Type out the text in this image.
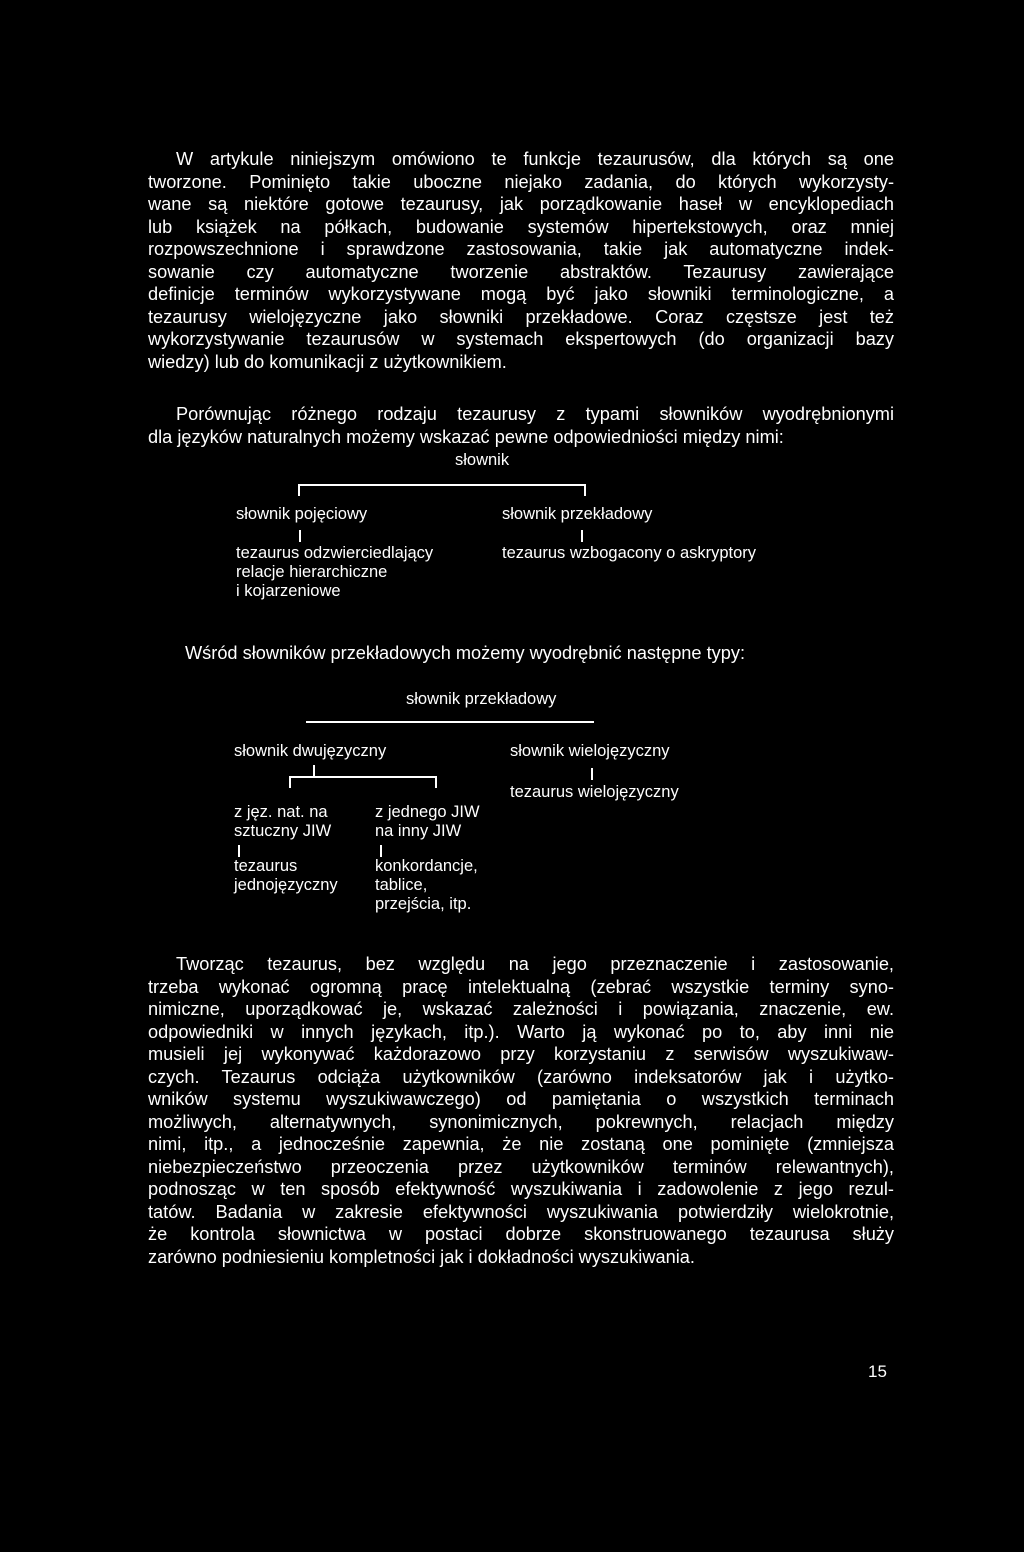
W artykule niniejszym omówiono te funkcje tezaurusów, dla których są one
tworzone. Pominięto takie uboczne niejako zadania, do których wykorzysty-
wane są niektóre gotowe tezaurusy, jak porządkowanie haseł w encyklopediach
lub książek na półkach, budowanie systemów hipertekstowych, oraz mniej
rozpowszechnione i sprawdzone zastosowania, takie jak automatyczne indek-
sowanie czy automatyczne tworzenie abstraktów. Tezaurusy zawierające
definicje terminów wykorzystywane mogą być jako słowniki terminologiczne, a
tezaurusy wielojęzyczne jako słowniki przekładowe. Coraz częstsze jest też
wykorzystywanie tezaurusów w systemach ekspertowych (do organizacji bazy
wiedzy) lub do komunikacji z użytkownikiem.
Porównując różnego rodzaju tezaurusy z typami słowników wyodrębnionymi
dla języków naturalnych możemy wskazać pewne odpowiedniości między nimi:
słownik
słownik pojęciowy	słownik przekładowy
tezaurus odzwierciedlający
relacje hierarchiczne
i kojarzeniowe
tezaurus wzbogacony o askryptory
Wśród słowników przekładowych możemy wyodrębnić następne typy:
słownik przekładowy
słownik dwujęzyczny	słownik wielojęzyczny
tezaurus wielojęzyczny
z jęz. nat. na
sztuczny JIW
z jednego JIW
na inny JIW
tezaurus
jednojęzyczny
konkordancje,
tablice,
przejścia, itp.
Tworząc tezaurus, bez względu na jego przeznaczenie i zastosowanie,
trzeba wykonać ogromną pracę intelektualną (zebrać wszystkie terminy syno-
nimiczne, uporządkować je, wskazać zależności i powiązania, znaczenie, ew.
odpowiedniki w innych językach, itp.). Warto ją wykonać po to, aby inni nie
musieli jej wykonywać każdorazowo przy korzystaniu z serwisów wyszukiwaw-
czych. Tezaurus odciąża użytkowników (zarówno indeksatorów jak i użytko-
wników systemu wyszukiwawczego) od pamiętania o wszystkich terminach
możliwych, alternatywnych, synonimicznych, pokrewnych, relacjach między
nimi, itp., a jednocześnie zapewnia, że nie zostaną one pominięte (zmniejsza
niebezpieczeństwo przeoczenia przez użytkowników terminów relewantnych),
podnosząc w ten sposób efektywność wyszukiwania i zadowolenie z jego rezul-
tatów. Badania w zakresie efektywności wyszukiwania potwierdziły wielokrotnie,
że kontrola słownictwa w postaci dobrze skonstruowanego tezaurusa służy
zarówno podniesieniu kompletności jak i dokładności wyszukiwania.
15
